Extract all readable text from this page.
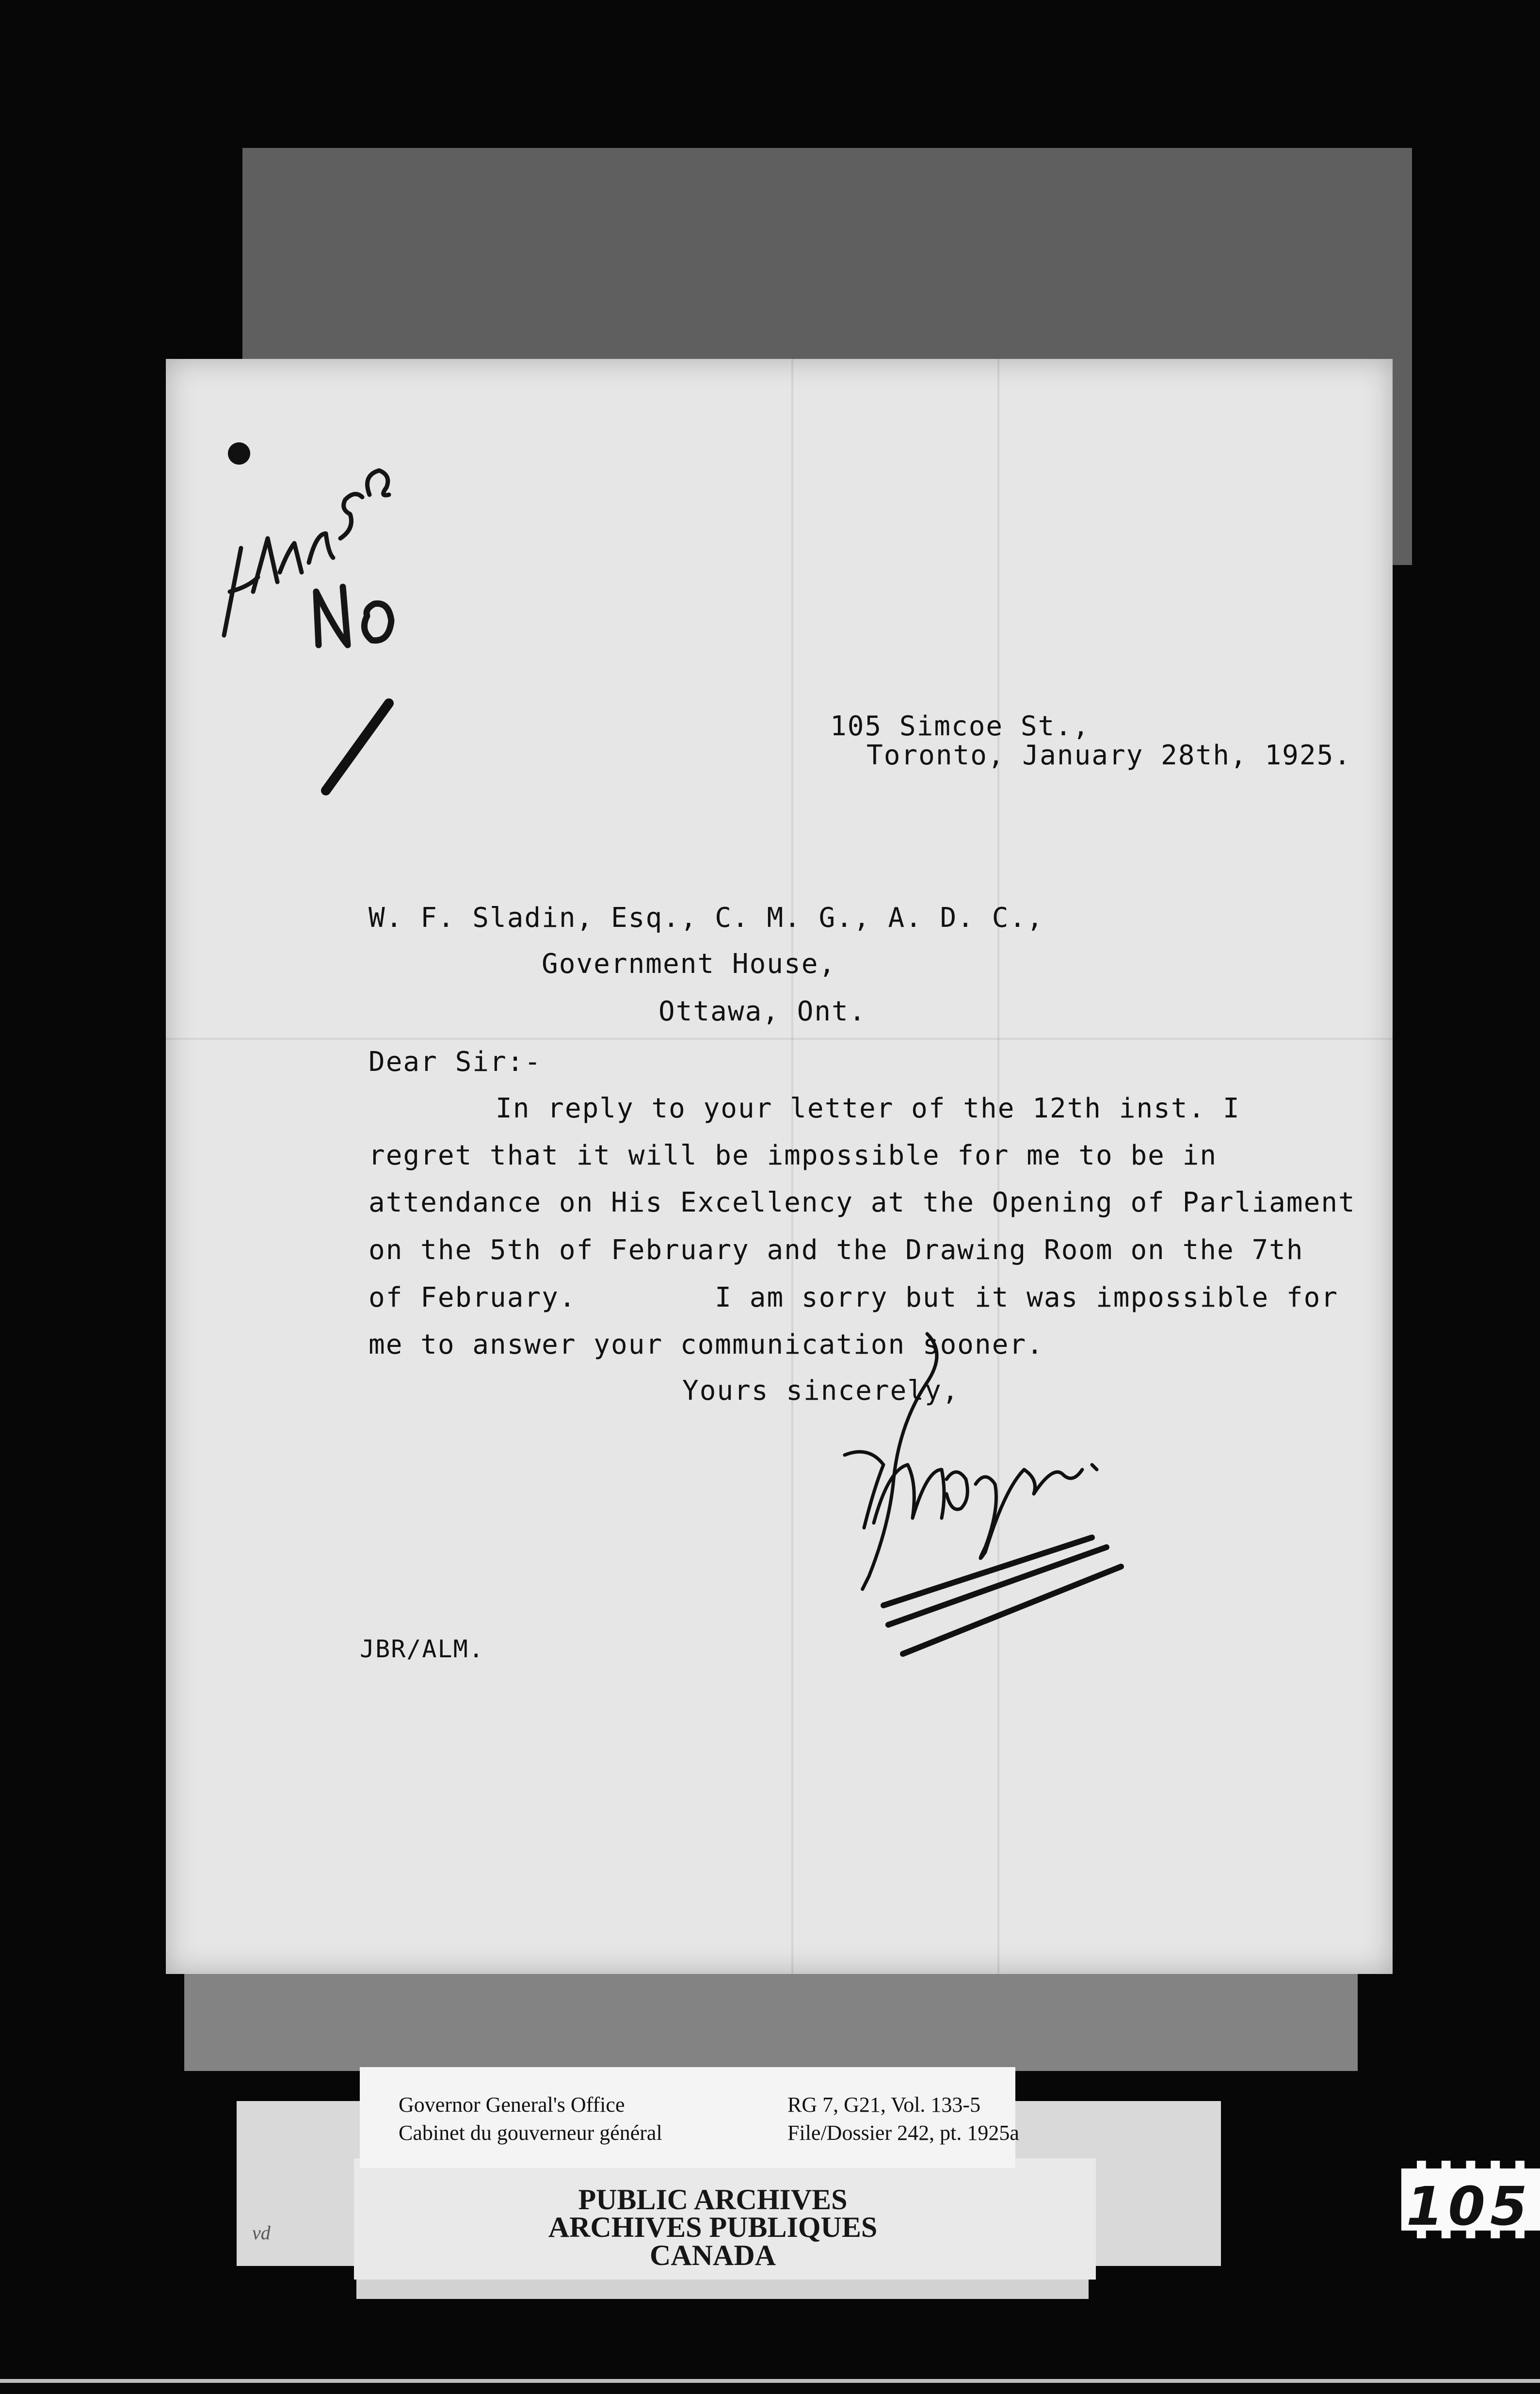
105 Simcoe St.,
Toronto, January 28th, 1925.
W. F. Sladin, Esq., C. M. G., A. D. C.,
Government House,
Ottawa, Ont.
Dear Sir:-
In reply to your letter of the 12th inst. I
regret that it will be impossible for me to be in
attendance on His Excellency at the Opening of Parliament
on the 5th of February and the Drawing Room on the 7th
of February.        I am sorry but it was impossible for
me to answer your communication sooner.
Yours sincerely,
JBR/ALM.
vd
PUBLIC ARCHIVES
ARCHIVES PUBLIQUES
CANADA
Governor General's Office
Cabinet du gouverneur général
RG 7, G21, Vol. 133-5
File/Dossier 242, pt. 1925a
105
